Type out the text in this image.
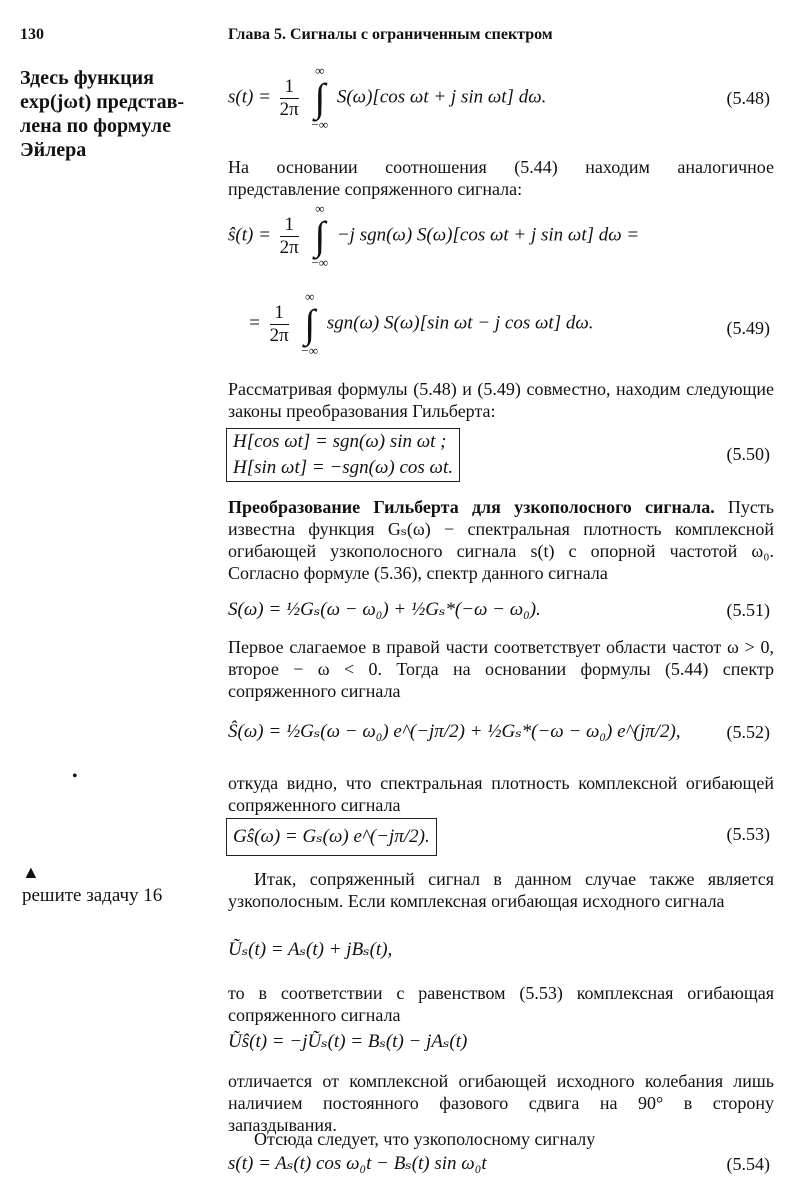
130	Глава 5. Сигналы с ограниченным спектром
Здесь функция
exp(jωt) представ-
лена по формуле
Эйлера
•
▲
решите задачу 16
$s(t) = \frac{1}{2\pi}$

∞
∫
−∞
S(ω)[cos ωt + j sin ωt] dω.	(5.48)
На основании соотношения (5.44) находим аналогичное представление сопряженного сигнала:
ŝ(t) = $\frac{1}{2\pi}$

∞
∫
−∞
−j sgn(ω) S(ω)[cos ωt + j sin ωt] dω =
= $\frac{1}{2\pi}$

∞
∫
−∞
sgn(ω) S(ω)[sin ωt − j cos ωt] dω.	(5.49)
Рассматривая формулы (5.48) и (5.49) совместно, находим следующие законы преобразования Гильберта:
H[cos ωt] = sgn(ω) sin ωt ;
H[sin ωt] = −sgn(ω) cos ωt.
(5.50)
Преобразование Гильберта для узкополосного сигнала. Пусть известна функция Gₛ(ω) − спектральная плотность комплексной огибающей узкополосного сигнала s(t) с опорной частотой ω₀. Согласно формуле (5.36), спектр данного сигнала
S(ω) = ½Gₛ(ω − ω₀) + ½Gₛ*(−ω − ω₀).	(5.51)
Первое слагаемое в правой части соответствует области частот ω > 0, второе − ω < 0. Тогда на основании формулы (5.44) спектр сопряженного сигнала
Ŝ(ω) = ½Gₛ(ω − ω₀) e^(−jπ/2) + ½Gₛ*(−ω − ω₀) e^(jπ/2),	(5.52)
откуда видно, что спектральная плотность комплексной огибающей сопряженного сигнала
Gŝ(ω) = Gₛ(ω) e^(−jπ/2).	(5.53)
Итак, сопряженный сигнал в данном случае также является узкополосным. Если комплексная огибающая исходного сигнала
Ũₛ(t) = Aₛ(t) + jBₛ(t),
то в соответствии с равенством (5.53) комплексная огибающая сопряженного сигнала
Ũŝ(t) = −jŨₛ(t) = Bₛ(t) − jAₛ(t)
отличается от комплексной огибающей исходного колебания лишь наличием постоянного фазового сдвига на 90° в сторону запаздывания.
Отсюда следует, что узкополосному сигналу
s(t) = Aₛ(t) cos ω₀t − Bₛ(t) sin ω₀t	(5.54)
